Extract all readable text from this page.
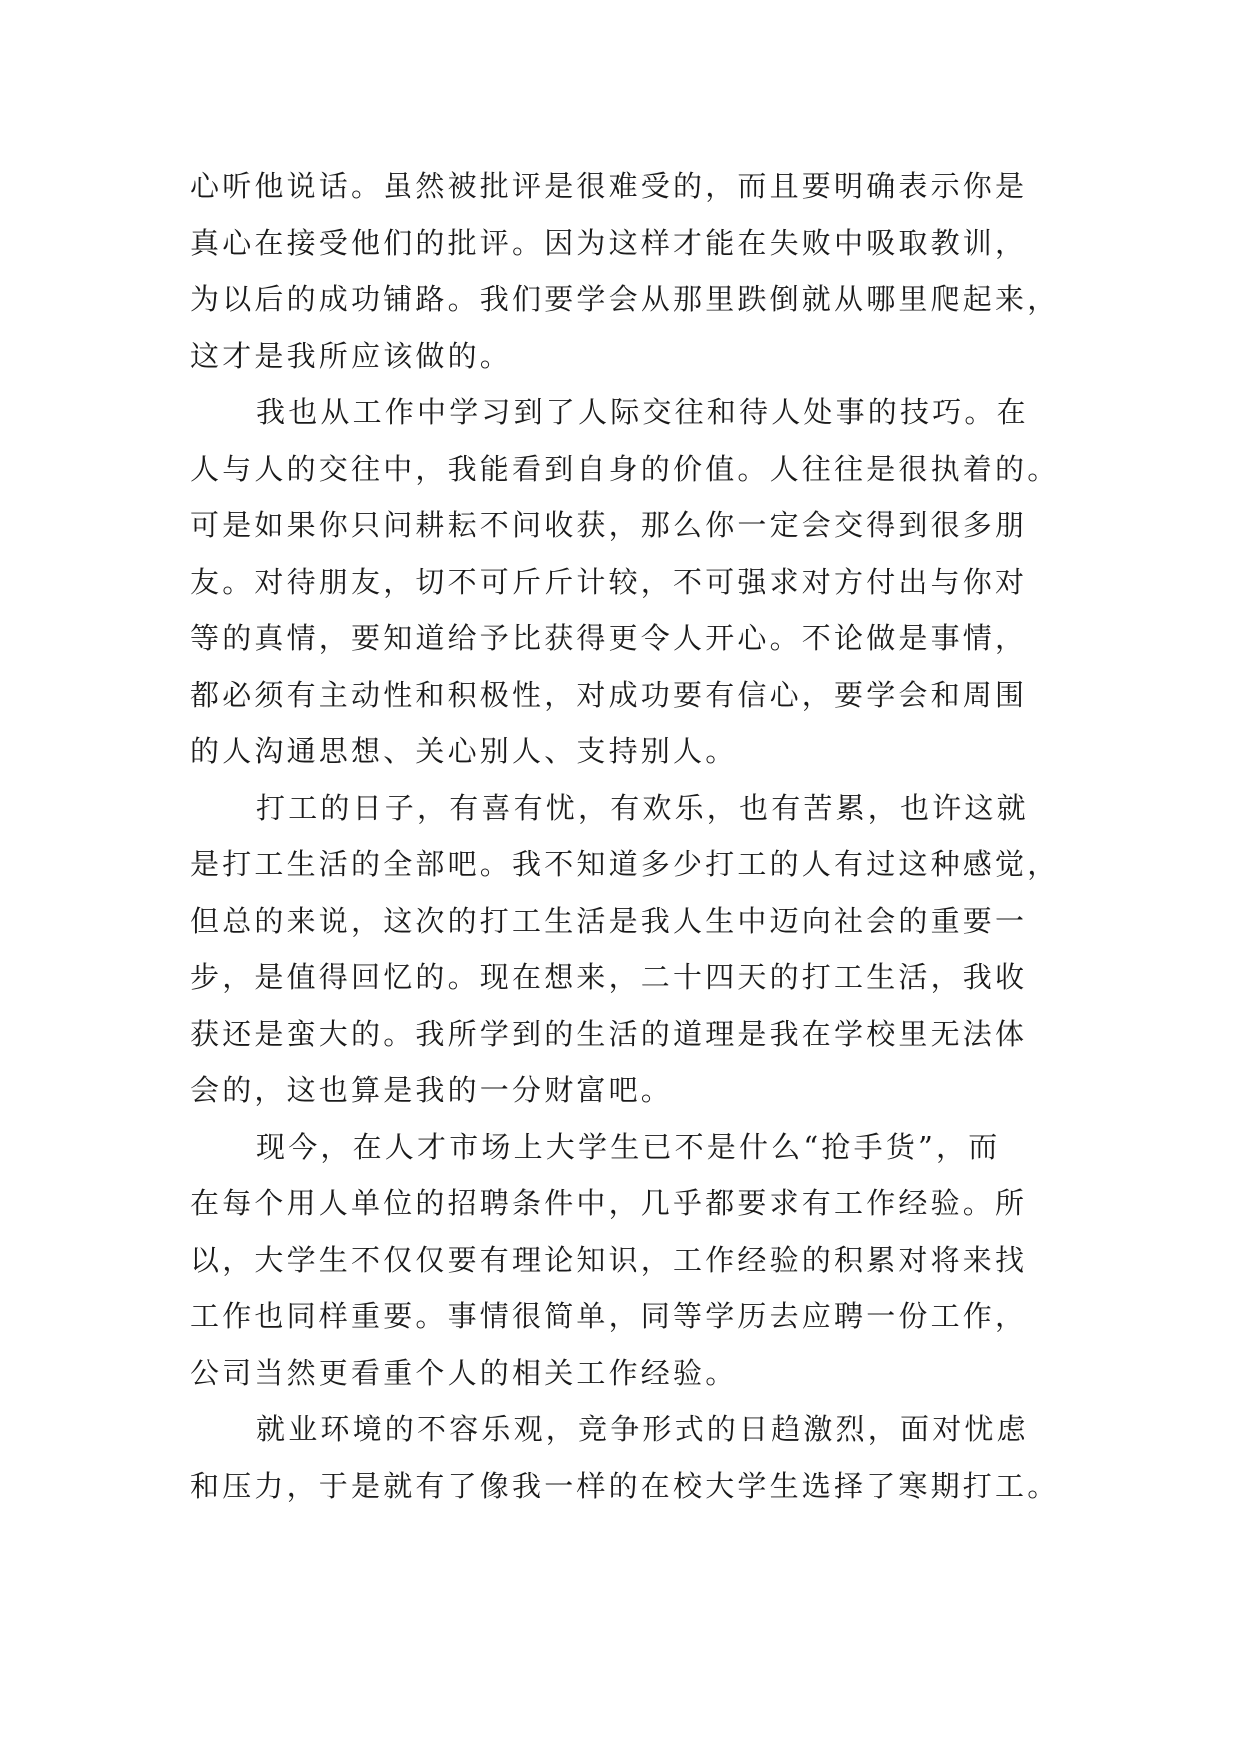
心听他说话。虽然被批评是很难受的，而且要明确表示你是
真心在接受他们的批评。因为这样才能在失败中吸取教训，
为以后的成功铺路。我们要学会从那里跌倒就从哪里爬起来，
这才是我所应该做的。
我也从工作中学习到了人际交往和待人处事的技巧。在
人与人的交往中，我能看到自身的价值。人往往是很执着的。
可是如果你只问耕耘不问收获，那么你一定会交得到很多朋
友。对待朋友，切不可斤斤计较，不可强求对方付出与你对
等的真情，要知道给予比获得更令人开心。不论做是事情，
都必须有主动性和积极性，对成功要有信心，要学会和周围
的人沟通思想、关心别人、支持别人。
打工的日子，有喜有忧，有欢乐，也有苦累，也许这就
是打工生活的全部吧。我不知道多少打工的人有过这种感觉，
但总的来说，这次的打工生活是我人生中迈向社会的重要一
步，是值得回忆的。现在想来，二十四天的打工生活，我收
获还是蛮大的。我所学到的生活的道理是我在学校里无法体
会的，这也算是我的一分财富吧。
现今，在人才市场上大学生已不是什么“抢手货”，而
在每个用人单位的招聘条件中，几乎都要求有工作经验。所
以，大学生不仅仅要有理论知识，工作经验的积累对将来找
工作也同样重要。事情很简单，同等学历去应聘一份工作，
公司当然更看重个人的相关工作经验。
就业环境的不容乐观，竞争形式的日趋激烈，面对忧虑
和压力，于是就有了像我一样的在校大学生选择了寒期打工。
